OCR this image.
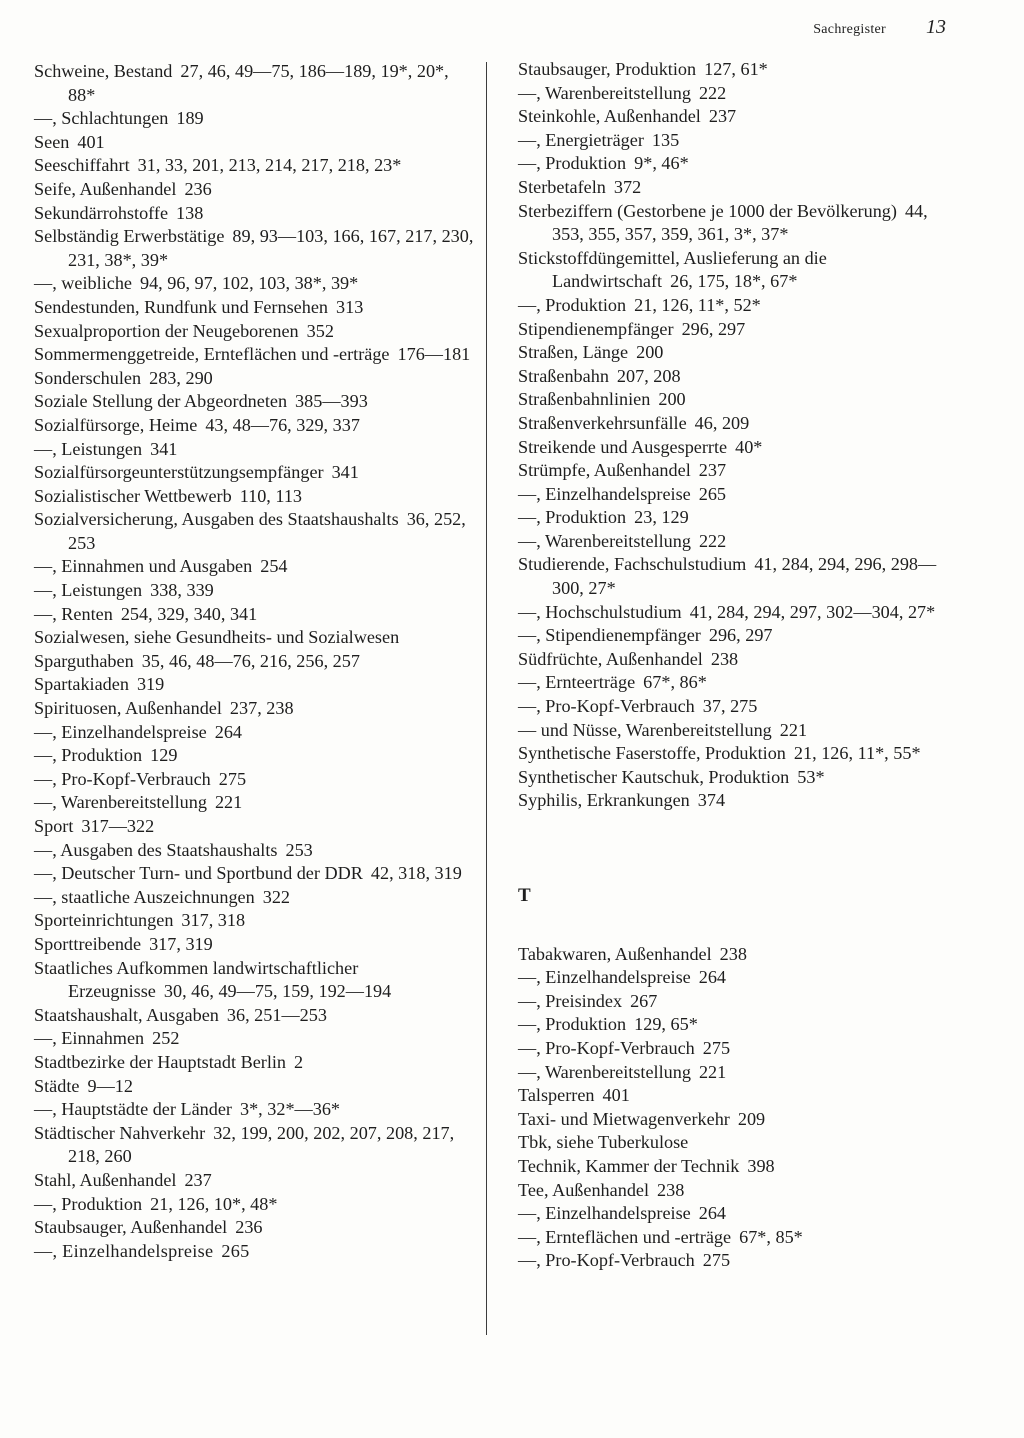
Sachregister 13

Schweine, Bestand 27, 46, 49—75, 186—189, 19*, 20*, 88*

—, Schlachtungen 189

Seen 401

Seeschiffahrt 31, 33, 201, 213, 214, 217, 218, 23*

Seife, Außenhandel 236

Sekundärrohstoffe 138

Selbständig Erwerbstätige 89, 93—103, 166, 167, 217, 230, 231, 38*, 39*

—, weibliche 94, 96, 97, 102, 103, 38*, 39*

Sendestunden, Rundfunk und Fernsehen 313

Sexualproportion der Neugeborenen 352

Sommermenggetreide, Ernteflächen und -erträge 176—181

Sonderschulen 283, 290

Soziale Stellung der Abgeordneten 385—393

Sozialfürsorge, Heime 43, 48—76, 329, 337

—, Leistungen 341

Sozialfürsorgeunterstützungsempfänger 341

Sozialistischer Wettbewerb 110, 113

Sozialversicherung, Ausgaben des Staatshaushalts 36, 252, 253

—, Einnahmen und Ausgaben 254

—, Leistungen 338, 339

—, Renten 254, 329, 340, 341

Sozialwesen, siehe Gesundheits- und Sozialwesen

Sparguthaben 35, 46, 48—76, 216, 256, 257

Spartakiaden 319

Spirituosen, Außenhandel 237, 238

—, Einzelhandelspreise 264

—, Produktion 129

—, Pro-Kopf-Verbrauch 275

—, Warenbereitstellung 221

Sport 317—322

—, Ausgaben des Staatshaushalts 253

—, Deutscher Turn- und Sportbund der DDR 42, 318, 319

—, staatliche Auszeichnungen 322

Sporteinrichtungen 317, 318

Sporttreibende 317, 319

Staatliches Aufkommen landwirtschaftlicher Erzeugnisse 30, 46, 49—75, 159, 192—194

Staatshaushalt, Ausgaben 36, 251—253

—, Einnahmen 252

Stadtbezirke der Hauptstadt Berlin 2

Städte 9—12

—, Hauptstädte der Länder 3*, 32*—36*

Städtischer Nahverkehr 32, 199, 200, 202, 207, 208, 217, 218, 260

Stahl, Außenhandel 237

—, Produktion 21, 126, 10*, 48*

Staubsauger, Außenhandel 236

—, Einzelhandelspreise 265

Staubsauger, Produktion 127, 61*

—, Warenbereitstellung 222

Steinkohle, Außenhandel 237

—, Energieträger 135

—, Produktion 9*, 46*

Sterbetafeln 372

Sterbeziffern (Gestorbene je 1000 der Bevölkerung) 44, 353, 355, 357, 359, 361, 3*, 37*

Stickstoffdüngemittel, Auslieferung an die Landwirtschaft 26, 175, 18*, 67*

—, Produktion 21, 126, 11*, 52*

Stipendienempfänger 296, 297

Straßen, Länge 200

Straßenbahn 207, 208

Straßenbahnlinien 200

Straßenverkehrsunfälle 46, 209

Streikende und Ausgesperrte 40*

Strümpfe, Außenhandel 237

—, Einzelhandelspreise 265

—, Produktion 23, 129

—, Warenbereitstellung 222

Studierende, Fachschulstudium 41, 284, 294, 296, 298—300, 27*

—, Hochschulstudium 41, 284, 294, 297, 302—304, 27*

—, Stipendienempfänger 296, 297

Südfrüchte, Außenhandel 238

—, Ernteerträge 67*, 86*

—, Pro-Kopf-Verbrauch 37, 275

— und Nüsse, Warenbereitstellung 221

Synthetische Faserstoffe, Produktion 21, 126, 11*, 55*

Synthetischer Kautschuk, Produktion 53*

Syphilis, Erkrankungen 374

T

Tabakwaren, Außenhandel 238

—, Einzelhandelspreise 264

—, Preisindex 267

—, Produktion 129, 65*

—, Pro-Kopf-Verbrauch 275

—, Warenbereitstellung 221

Talsperren 401

Taxi- und Mietwagenverkehr 209

Tbk, siehe Tuberkulose

Technik, Kammer der Technik 398

Tee, Außenhandel 238

—, Einzelhandelspreise 264

—, Ernteflächen und -erträge 67*, 85*

—, Pro-Kopf-Verbrauch 275
